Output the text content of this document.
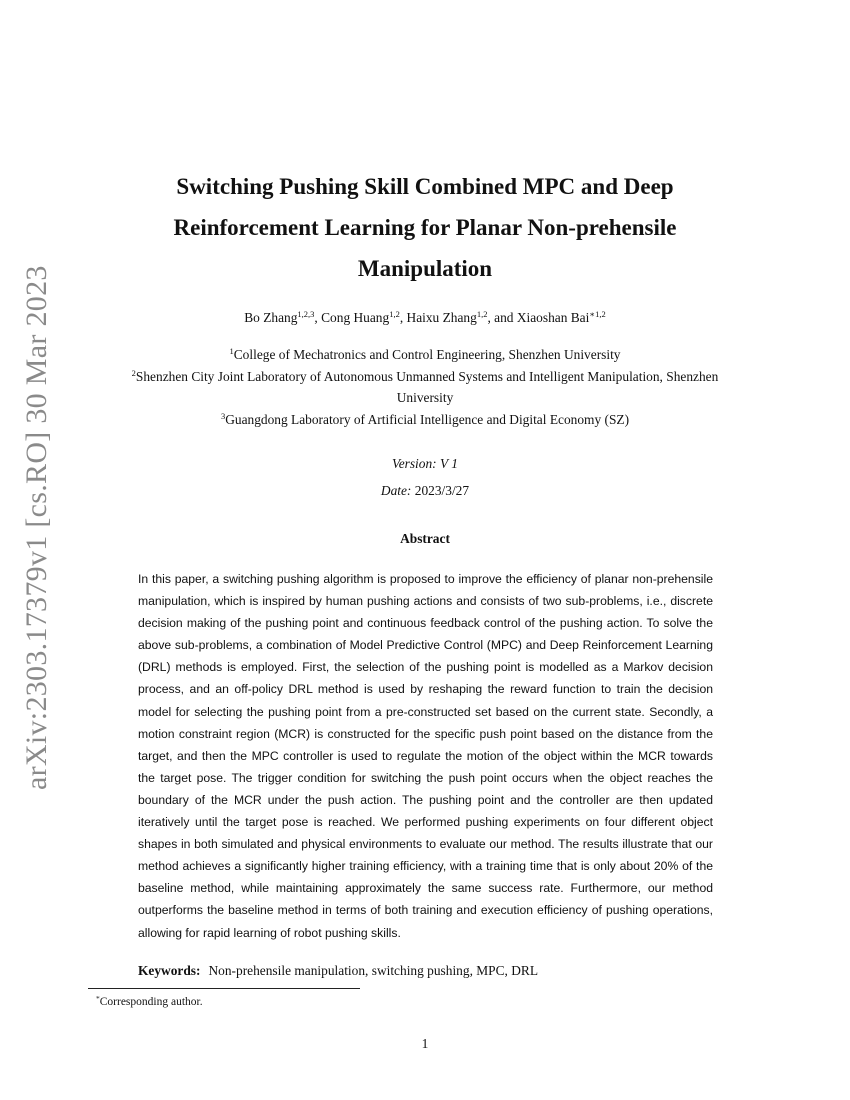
arXiv:2303.17379v1 [cs.RO] 30 Mar 2023
Switching Pushing Skill Combined MPC and Deep Reinforcement Learning for Planar Non-prehensile Manipulation
Bo Zhang$^{1,2,3}$, Cong Huang$^{1,2}$, Haixu Zhang$^{1,2}$, and Xiaoshan Bai$^{∗1,2}$
$^1$College of Mechatronics and Control Engineering, Shenzhen University
$^2$Shenzhen City Joint Laboratory of Autonomous Unmanned Systems and Intelligent Manipulation, Shenzhen University
$^3$Guangdong Laboratory of Artificial Intelligence and Digital Economy (SZ)
Version: V 1
Date: 2023/3/27
Abstract

In this paper, a switching pushing algorithm is proposed to improve the efficiency of planar non-prehensile manipulation, which is inspired by human pushing actions and consists of two sub-problems, i.e., discrete decision making of the pushing point and continuous feedback control of the pushing action. To solve the above sub-problems, a combination of Model Predictive Control (MPC) and Deep Reinforcement Learning (DRL) methods is employed. First, the selection of the pushing point is modelled as a Markov decision process, and an off-policy DRL method is used by reshaping the reward function to train the decision model for selecting the pushing point from a pre-constructed set based on the current state. Secondly, a motion constraint region (MCR) is constructed for the specific push point based on the distance from the target, and then the MPC controller is used to regulate the motion of the object within the MCR towards the target pose. The trigger condition for switching the push point occurs when the object reaches the boundary of the MCR under the push action. The pushing point and the controller are then updated iteratively until the target pose is reached. We performed pushing experiments on four different object shapes in both simulated and physical environments to evaluate our method. The results illustrate that our method achieves a significantly higher training efficiency, with a training time that is only about 20% of the baseline method, while maintaining approximately the same success rate. Furthermore, our method outperforms the baseline method in terms of both training and execution efficiency of pushing operations, allowing for rapid learning of robot pushing skills.

Keywords: Non-prehensile manipulation, switching pushing, MPC, DRL
*Corresponding author.
1
